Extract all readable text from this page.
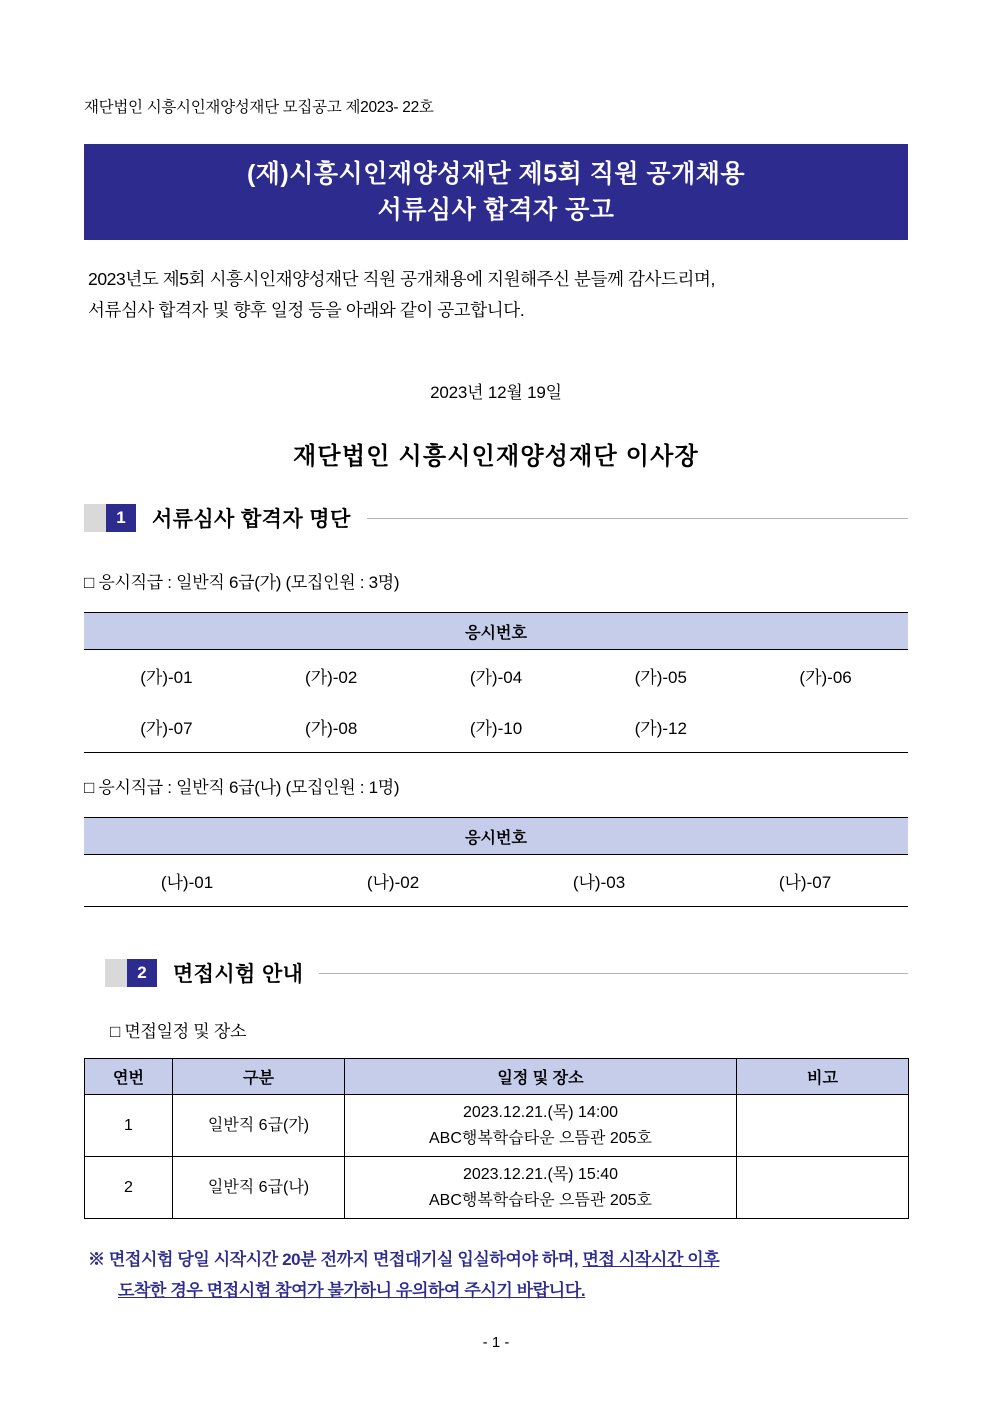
재단법인 시흥시인재양성재단 모집공고 제2023- 22호
(재)시흥시인재양성재단 제5회 직원 공개채용
서류심사 합격자 공고
2023년도 제5회 시흥시인재양성재단 직원 공개채용에 지원해주신 분들께 감사드리며,
서류심사 합격자 및 향후 일정 등을 아래와 같이 공고합니다.
2023년 12월 19일
재단법인 시흥시인재양성재단 이사장
1	서류심사 합격자 명단
□ 응시직급 : 일반직 6급(가) (모집인원 : 3명)
응시번호				
(가)-01	(가)-02	(가)-04	(가)-05	(가)-06
(가)-07	(가)-08	(가)-10	(가)-12	
□ 응시직급 : 일반직 6급(나) (모집인원 : 1명)
응시번호
(나)-01	(나)-02	(나)-03	(나)-07
2	면접시험 안내
□ 면접일정 및 장소
연번	구분	일정 및 장소	비고
1	일반직 6급(가)	2023.12.21.(목) 14:00
ABC행복학습타운 으뜸관 205호	

2	일반직 6급(나)	2023.12.21.(목) 15:40
ABC행복학습타운 으뜸관 205호	

※ 면접시험 당일 시작시간 20분 전까지 면접대기실 입실하여야 하며, 면접 시작시간 이후
도착한 경우 면접시험 참여가 불가하니 유의하여 주시기 바랍니다.
- 1 -
